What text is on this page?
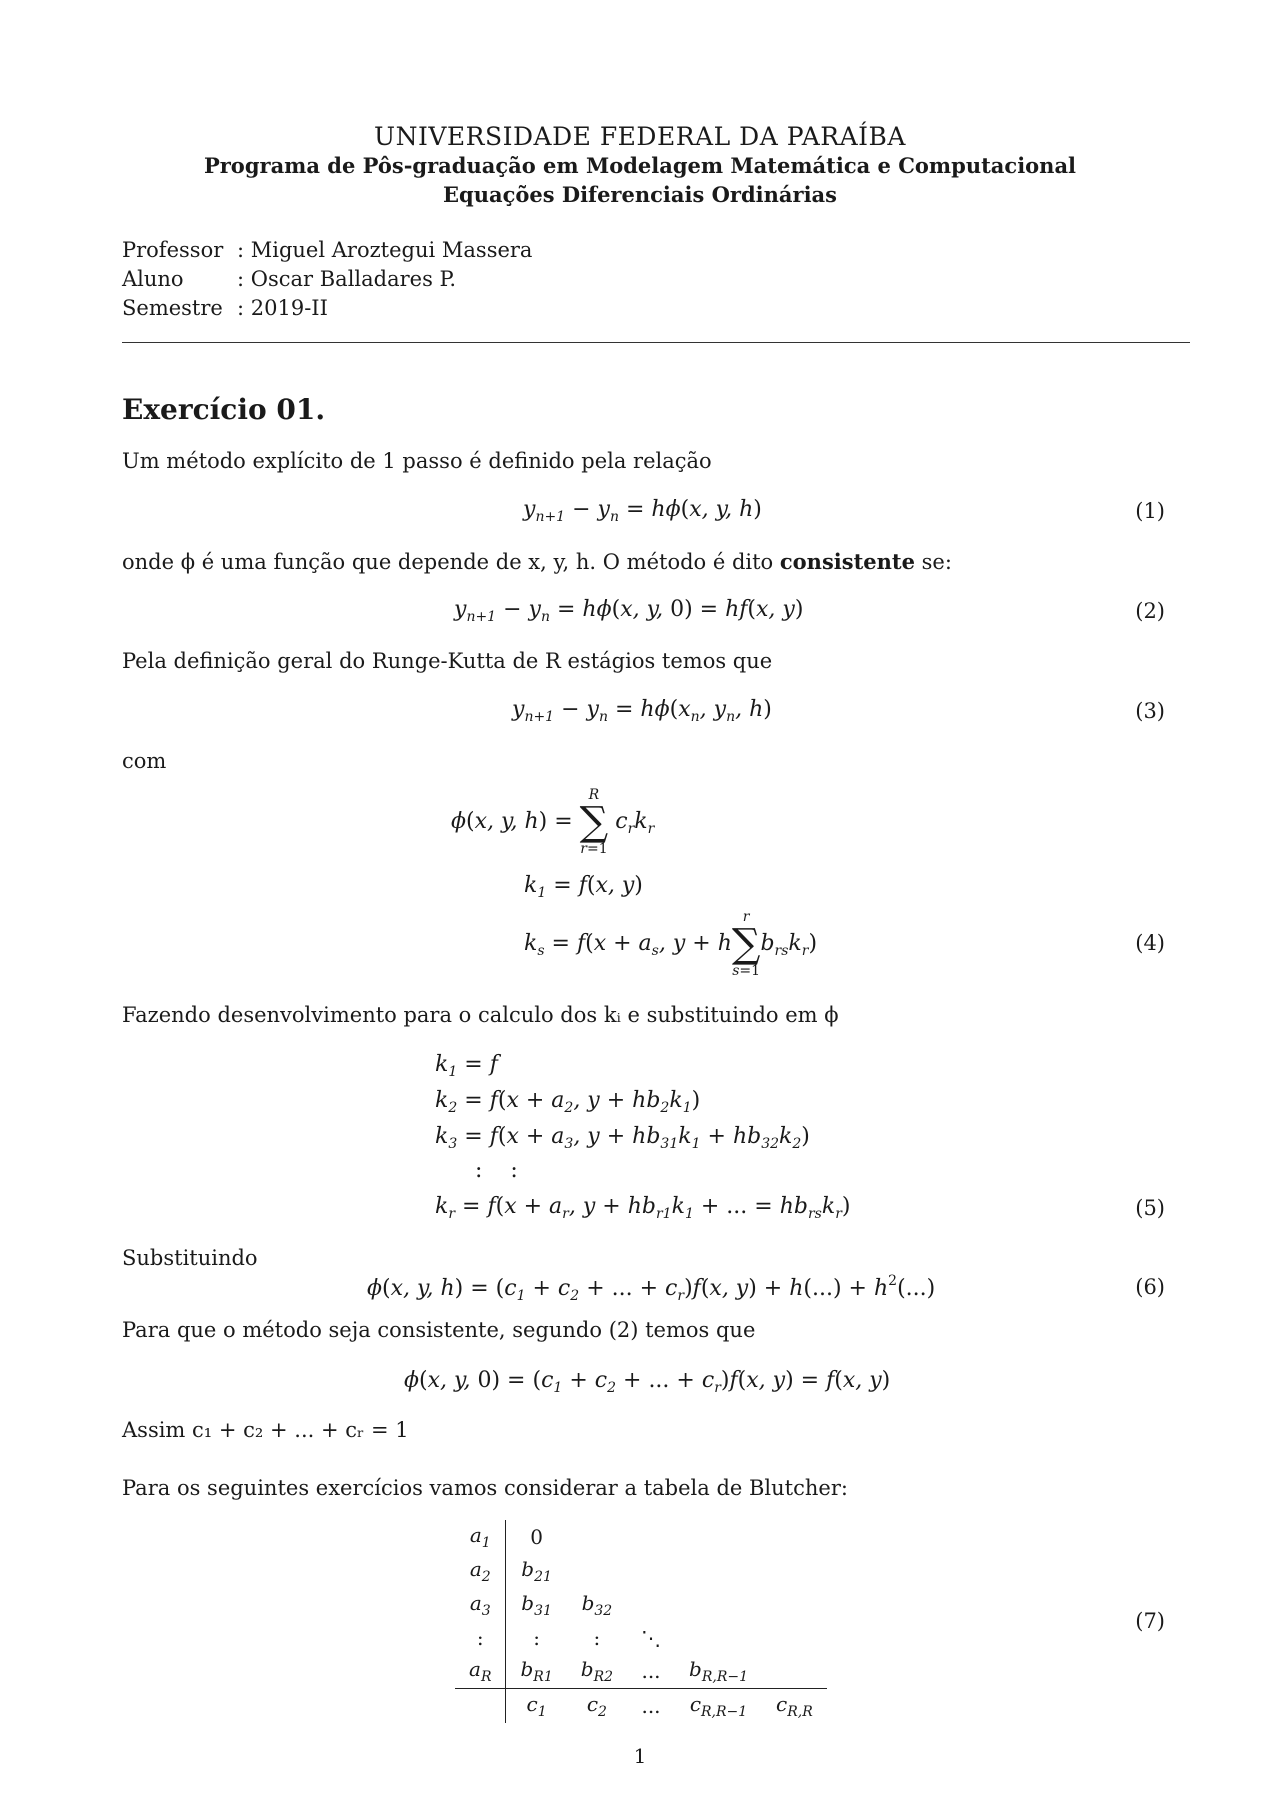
UNIVERSIDADE FEDERAL DA PARAÍBA
Programa de Pôs-graduação em Modelagem Matemática e Computacional
Equações Diferenciais Ordinárias
Professor : Miguel Aroztegui Massera
Aluno	: Oscar Balladares P.
Semestre : 2019-II
Exercício 01.
Um método explícito de 1 passo é definido pela relação
$y_{n+1} - y_n = h\phi(x$, y, h)	(1)
onde ϕ é uma função que depende de x, y, h. O método é dito consistente se:
$y_{n+1} - y_n = h\phi(x$, y, 0) = hf(x, y)	(2)
Pela definição geral do Runge-Kutta de R estágios temos que
$y_{n+1} - y_n = h\phi(x_n$, $y_n$, h)	(3)
com
ϕ(x, y, h) =
R
∑
r=1
$c_rk_r$
$k_1 = f(x$, y)
$k_s = f(x + a_s$, y + h
r
∑
s=1
$b_{rs}k_r$)	(4)
Fazendo desenvolvimento para o calculo dos kᵢ e substituindo em ϕ
$k_1 = f$
$k_2 = f(x + a_2$, $y + hb_2k_1$)
$k_3 = f(x + a_3$, $y + hb_{31}k_1 + hb_{32}k_2$)
:    :
$k_r = f(x + a_r$, $y + hb_{r1}k_1$ + ... = $hb_{rs}k_r$)	(5)
Substituindo
ϕ(x, y, $h) = (c_1 + c_2$ + ... + $c_r)f(x$, $y) + h(...) + h^2(...)$	(6)
Para que o método seja consistente, segundo (2) temos que
ϕ(x, y, $0) = (c_1 + c_2$ + ... + $c_r)f(x$, y) = f(x, y)
Assim c₁ + c₂ + ... + cᵣ = 1
Para os seguintes exercícios vamos considerar a tabela de Blutcher:
$a_1$	0				
$a_2$	$b_{21}$				
$a_3$	$b_{31}$	$b_{32}$			
:	:	:	⋱		
$a_R$	$b_{R1}$	$b_{R2}$	...	$b_{R,R-1}$	
	$c_1$	$c_2$	...	$c_{R,R-1}$	$c_{R,R}$
(7)
1
